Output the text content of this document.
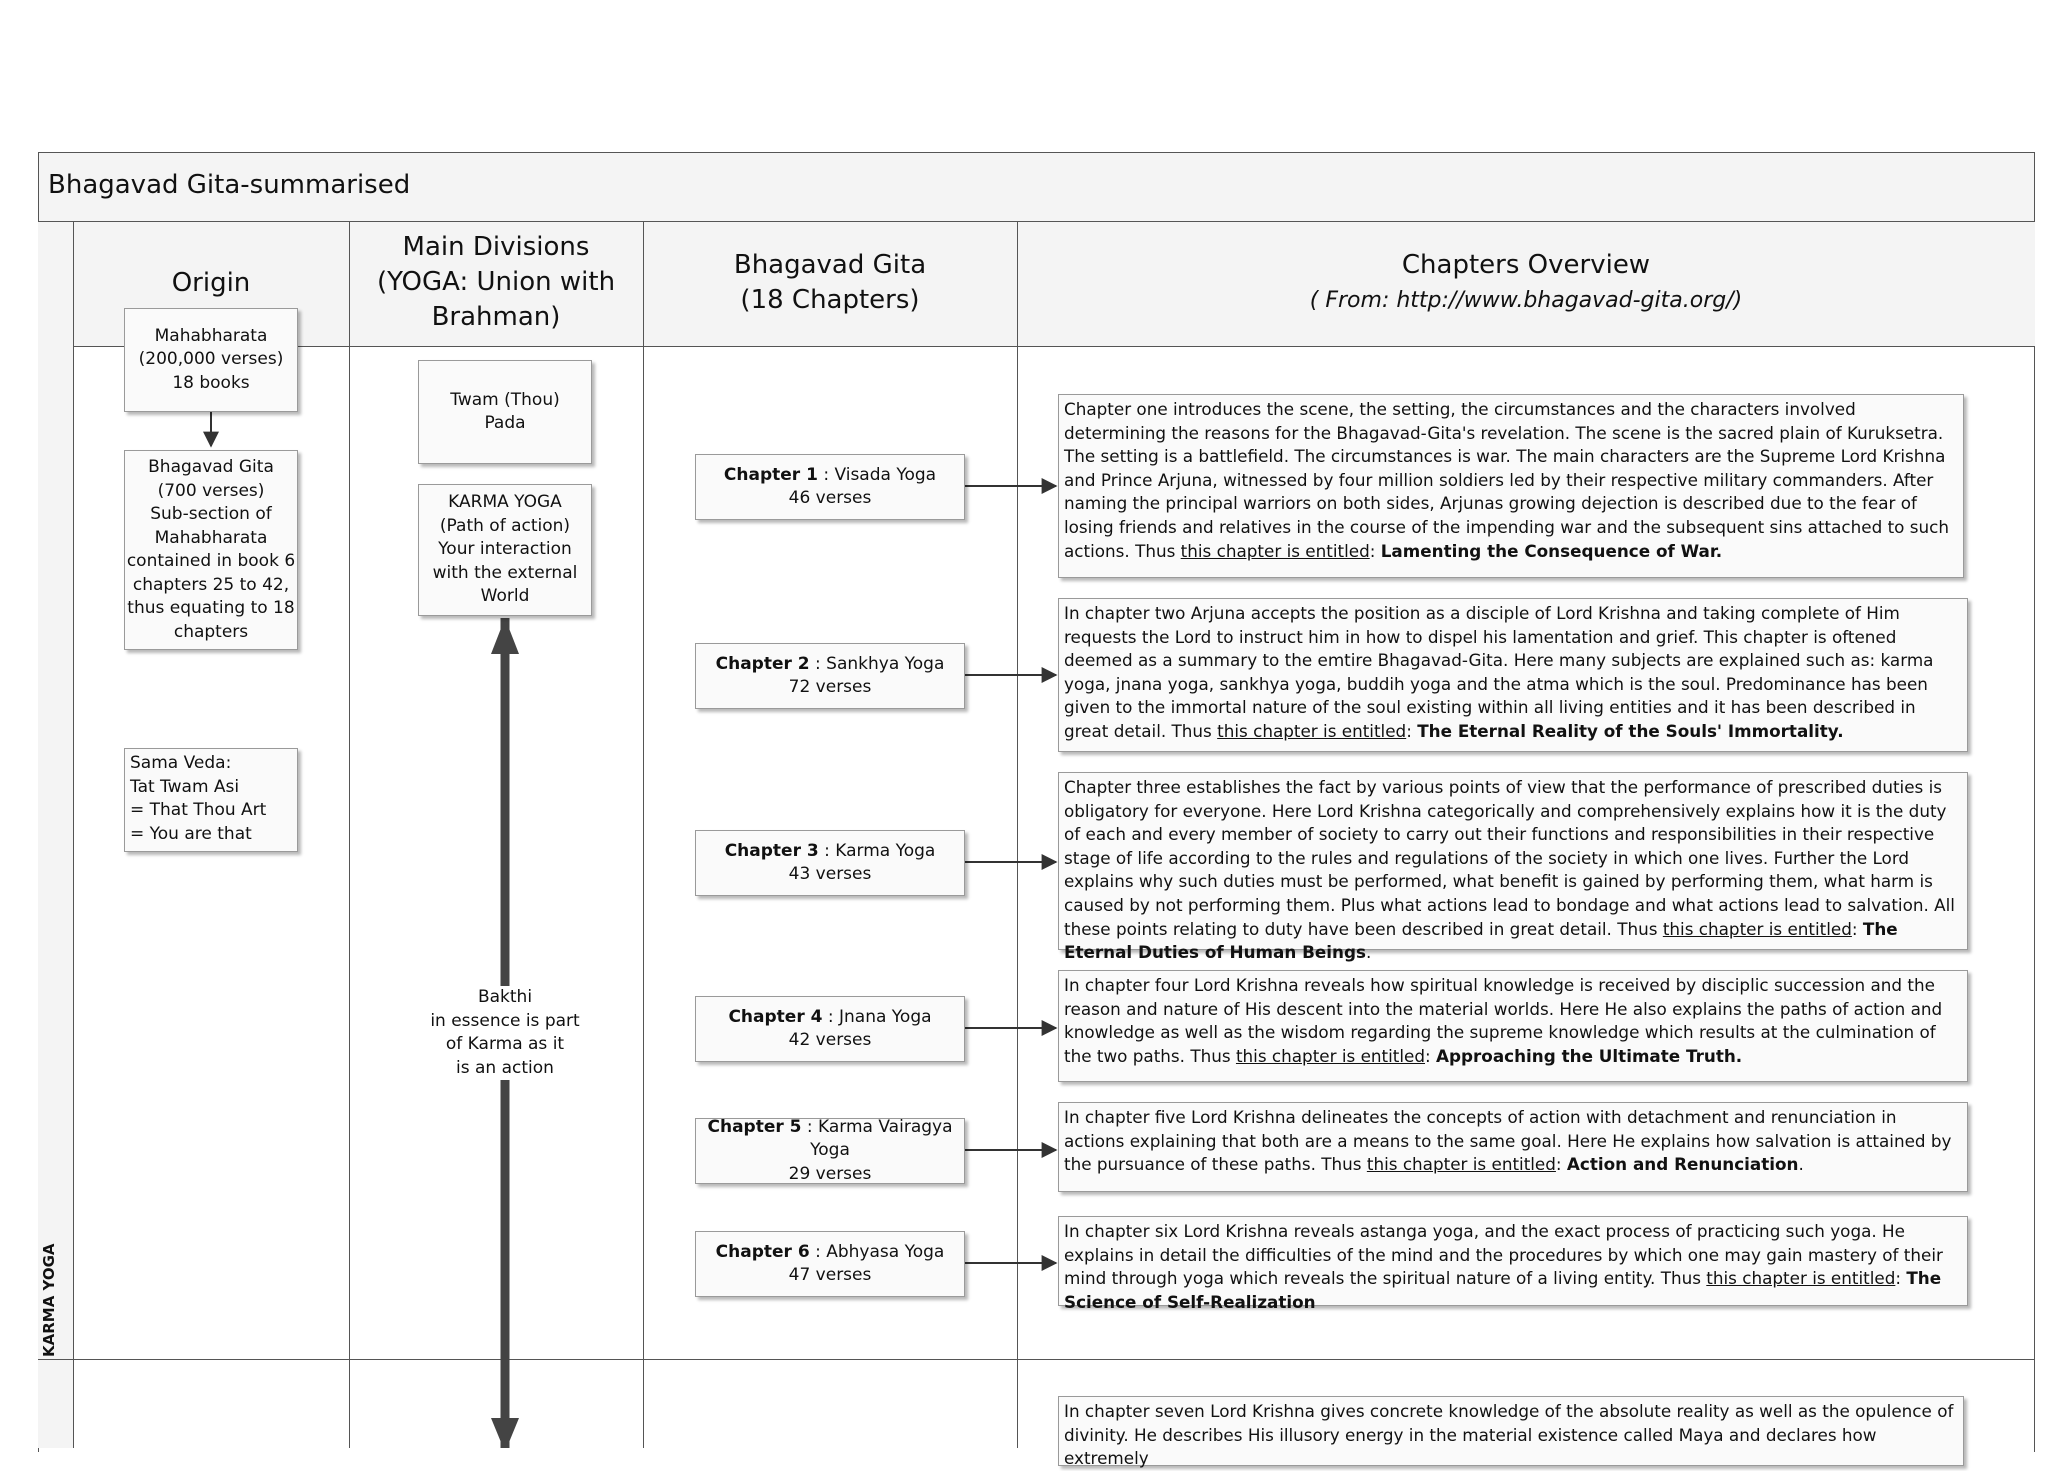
Bhagavad Gita-summarised
Origin
Main Divisions
(YOGA: Union with
Brahman)
Bhagavad Gita
(18 Chapters)
Chapters Overview
( From: http://www.bhagavad-gita.org/)
KARMA YOGA
Mahabharata
(200,000 verses)
18 books
Bhagavad Gita
(700 verses)
Sub-section of
Mahabharata
contained in book 6
chapters 25 to 42,
thus equating to 18
chapters
Sama Veda:
Tat Twam Asi
= That Thou Art
= You are that
Twam (Thou)
Pada
KARMA YOGA
(Path of action)
Your interaction
with the external
World
Bakthi
in essence is part
of Karma as it
is an action
Chapter 1 : Visada Yoga
46 verses
Chapter 2 : Sankhya Yoga
72 verses
Chapter 3 : Karma Yoga
43 verses
Chapter 4 : Jnana Yoga
42 verses
Chapter 5 : Karma Vairagya Yoga
29 verses
Chapter 6 : Abhyasa Yoga
47 verses
Chapter one introduces the scene, the setting, the circumstances and the characters involved determining the reasons for the Bhagavad-Gita's revelation. The scene is the sacred plain of Kuruksetra. The setting is a battlefield. The circumstances is war. The main characters are the Supreme Lord Krishna and Prince Arjuna, witnessed by four million soldiers led by their respective military commanders. After naming the principal warriors on both sides, Arjunas growing dejection is described due to the fear of losing friends and relatives in the course of the impending war and the subsequent sins attached to such actions. Thus this chapter is entitled: Lamenting the Consequence of War.
In chapter two Arjuna accepts the position as a disciple of Lord Krishna and taking complete of Him requests the Lord to instruct him in how to dispel his lamentation and grief. This chapter is oftened deemed as a summary to the emtire Bhagavad-Gita. Here many subjects are explained such as: karma yoga, jnana yoga, sankhya yoga, buddih yoga and the atma which is the soul. Predominance has been given to the immortal nature of the soul existing within all living entities and it has been described in great detail. Thus this chapter is entitled: The Eternal Reality of the Souls' Immortality.
Chapter three establishes the fact by various points of view that the performance of prescribed duties is obligatory for everyone. Here Lord Krishna categorically and comprehensively explains how it is the duty of each and every member of society to carry out their functions and responsibilities in their respective stage of life according to the rules and regulations of the society in which one lives. Further the Lord explains why such duties must be performed, what benefit is gained by performing them, what harm is caused by not performing them. Plus what actions lead to bondage and what actions lead to salvation. All these points relating to duty have been described in great detail. Thus this chapter is entitled: The Eternal Duties of Human Beings.
In chapter four Lord Krishna reveals how spiritual knowledge is received by disciplic succession and the reason and nature of His descent into the material worlds. Here He also explains the paths of action and knowledge as well as the wisdom regarding the supreme knowledge which results at the culmination of the two paths. Thus this chapter is entitled: Approaching the Ultimate Truth.
In chapter five Lord Krishna delineates the concepts of action with detachment and renunciation in actions explaining that both are a means to the same goal. Here He explains how salvation is attained by the pursuance of these paths. Thus this chapter is entitled: Action and Renunciation.
In chapter six Lord Krishna reveals astanga yoga, and the exact process of practicing such yoga. He explains in detail the difficulties of the mind and the procedures by which one may gain mastery of their mind through yoga which reveals the spiritual nature of a living entity. Thus this chapter is entitled: The Science of Self-Realization
In chapter seven Lord Krishna gives concrete knowledge of the absolute reality as well as the opulence of divinity. He describes His illusory energy in the material existence called Maya and declares how extremely
